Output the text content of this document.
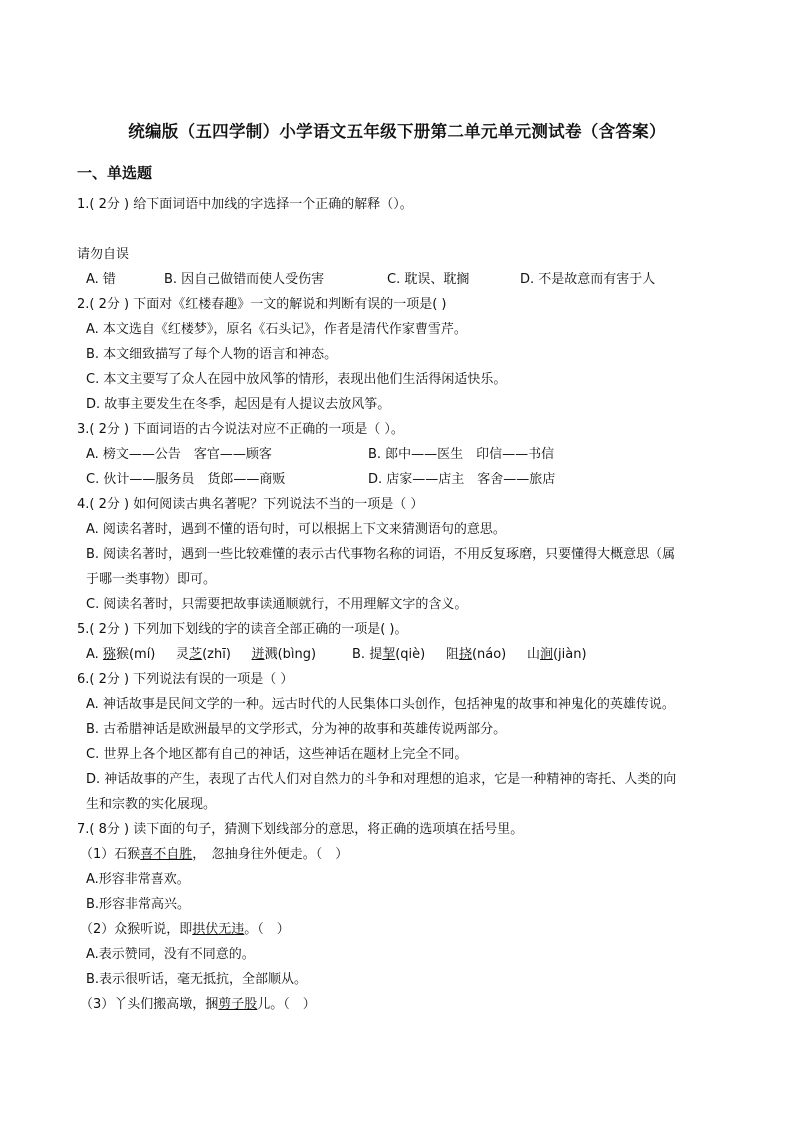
统编版（五四学制）小学语文五年级下册第二单元单元测试卷（含答案）
一、单选题
1.( 2分 ) 给下面词语中加线的字选择一个正确的解释（）。
请勿自误
A. 错	B. 因自己做错而使人受伤害	C. 耽误、耽搁	D. 不是故意而有害于人
2.( 2分 ) 下面对《红楼春趣》一文的解说和判断有误的一项是( )
A. 本文选自《红楼梦》，原名《石头记》，作者是清代作家曹雪芹。
B. 本文细致描写了每个人物的语言和神态。
C. 本文主要写了众人在园中放风筝的情形，表现出他们生活得闲适快乐。
D. 故事主要发生在冬季，起因是有人提议去放风筝。
3.( 2分 ) 下面词语的古今说法对应不正确的一项是（ ）。
A. 榜文——公告　客官——顾客	B. 郎中——医生　印信——书信
C. 伙计——服务员　货郎——商贩	D. 店家——店主　客舍——旅店
4.( 2分 ) 如何阅读古典名著呢？下列说法不当的一项是（ ）
A. 阅读名著时，遇到不懂的语句时，可以根据上下文来猜测语句的意思。
B. 阅读名著时，遇到一些比较难懂的表示古代事物名称的词语，不用反复琢磨，只要懂得大概意思（属
于哪一类事物）即可。
C. 阅读名著时，只需要把故事读通顺就行，不用理解文字的含义。
5.( 2分 ) 下列加下划线的字的读音全部正确的一项是( )。
A. 猕猴(mí) 灵芝(zhī) 迸溅(bìng)	B. 提挈(qiè) 阻挠(náo) 山涧(jiàn)
6.( 2分 ) 下列说法有误的一项是（ ）
A. 神话故事是民间文学的一种。远古时代的人民集体口头创作，包括神鬼的故事和神鬼化的英雄传说。
B. 古希腊神话是欧洲最早的文学形式，分为神的故事和英雄传说两部分。
C. 世界上各个地区都有自己的神话，这些神话在题材上完全不同。
D. 神话故事的产生，表现了古代人们对自然力的斗争和对理想的追求，它是一种精神的寄托、人类的向
生和宗教的实化展现。
7.( 8分 ) 读下面的句子，猜测下划线部分的意思，将正确的选项填在括号里。
（1）石猴喜不自胜，　忽抽身往外便走。（　）
A.形容非常喜欢。
B.形容非常高兴。
（2）众猴听说，即拱伏无违。（　）
A.表示赞同，没有不同意的。
B.表示很听话，毫无抵抗，全部顺从。
（3）丫头们搬高墩，捆剪子股儿。（　）
